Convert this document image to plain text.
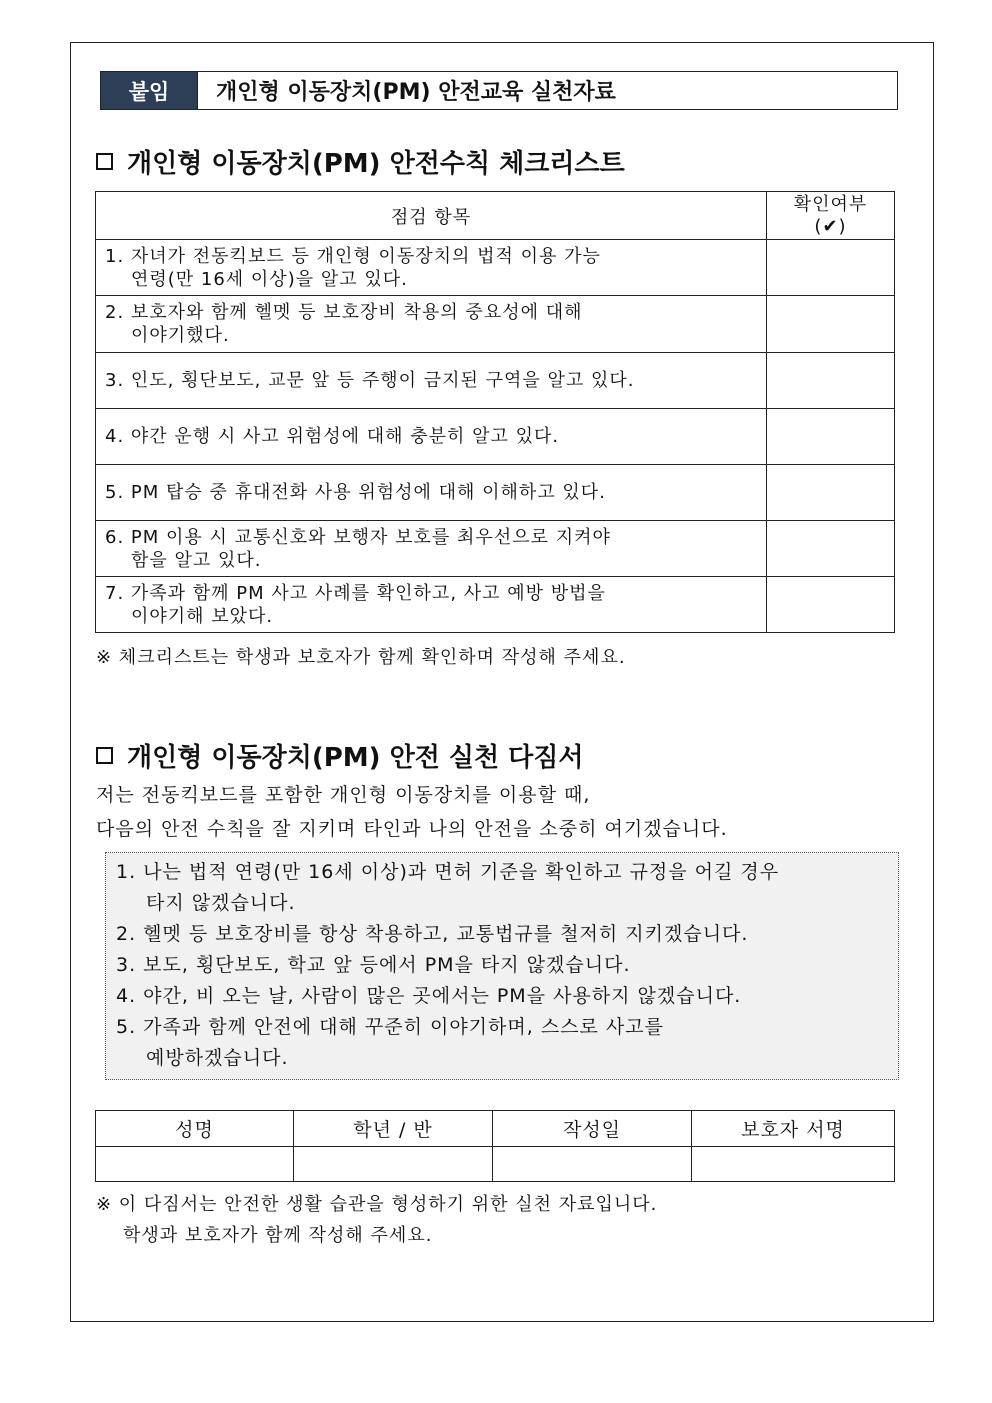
붙임	개인형 이동장치(PM) 안전교육 실천자료
개인형 이동장치(PM) 안전수칙 체크리스트
점검 항목	확인여부
(✔)

1. 자녀가 전동킥보드 등 개인형 이동장치의 법적 이용 가능
연령(만 16세 이상)을 알고 있다.	

2. 보호자와 함께 헬멧 등 보호장비 착용의 중요성에 대해
이야기했다.	

3. 인도, 횡단보도, 교문 앞 등 주행이 금지된 구역을 알고 있다.	
4. 야간 운행 시 사고 위험성에 대해 충분히 알고 있다.	
5. PM 탑승 중 휴대전화 사용 위험성에 대해 이해하고 있다.	

6. PM 이용 시 교통신호와 보행자 보호를 최우선으로 지켜야
함을 알고 있다.	

7. 가족과 함께 PM 사고 사례를 확인하고, 사고 예방 방법을
이야기해 보았다.	

※ 체크리스트는 학생과 보호자가 함께 확인하며 작성해 주세요.
개인형 이동장치(PM) 안전 실천 다짐서
저는 전동킥보드를 포함한 개인형 이동장치를 이용할 때,
다음의 안전 수칙을 잘 지키며 타인과 나의 안전을 소중히 여기겠습니다.
1. 나는 법적 연령(만 16세 이상)과 면허 기준을 확인하고 규정을 어길 경우
타지 않겠습니다.
2. 헬멧 등 보호장비를 항상 착용하고, 교통법규를 철저히 지키겠습니다.
3. 보도, 횡단보도, 학교 앞 등에서 PM을 타지 않겠습니다.
4. 야간, 비 오는 날, 사람이 많은 곳에서는 PM을 사용하지 않겠습니다.
5. 가족과 함께 안전에 대해 꾸준히 이야기하며, 스스로 사고를
예방하겠습니다.
성명	학년 / 반	작성일	보호자 서명

※ 이 다짐서는 안전한 생활 습관을 형성하기 위한 실천 자료입니다.
학생과 보호자가 함께 작성해 주세요.
